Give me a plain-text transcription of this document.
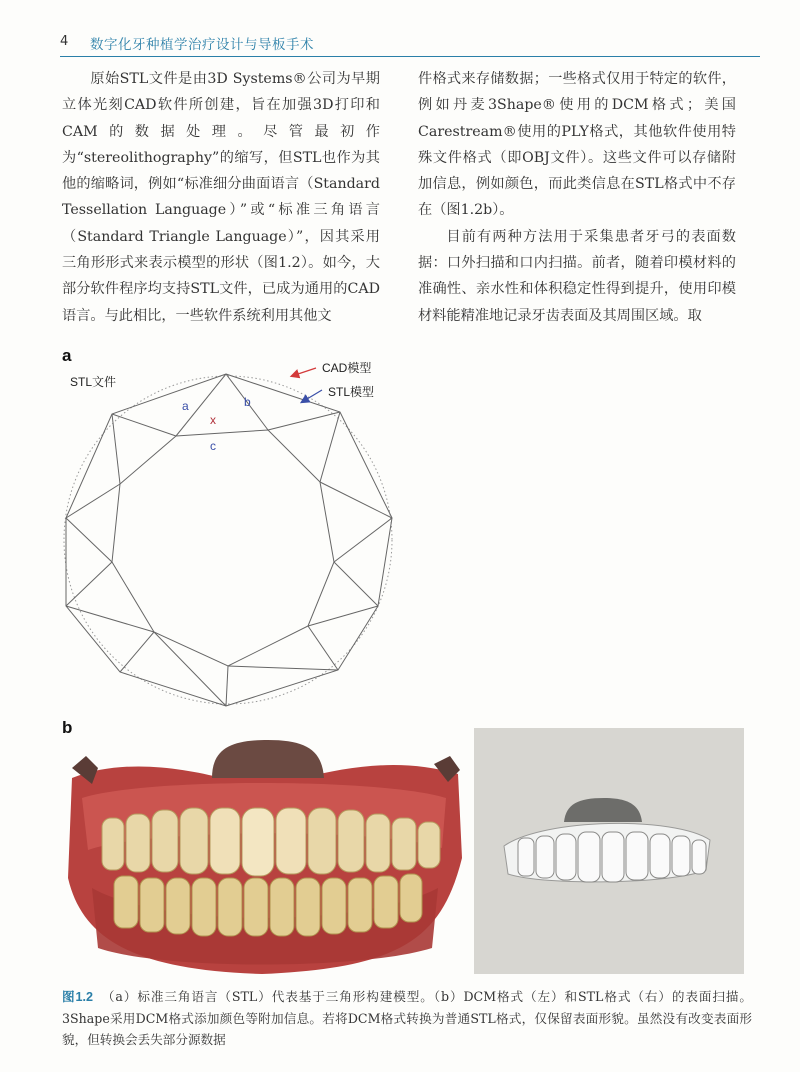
4 数字化牙种植学治疗设计与导板手术

原始STL文件是由3D Systems®公司为早期立体光刻CAD软件所创建，旨在加强3D打印和CAM的数据处理。尽管最初作为“stereolithography”的缩写，但STL也作为其他的缩略词，例如“标准细分曲面语言（Standard Tessellation Language）”或“标准三角语言（Standard Triangle Language）”，因其采用三角形形式来表示模型的形状（图1.2）。如今，大部分软件程序均支持STL文件，已成为通用的CAD语言。与此相比，一些软件系统利用其他文

件格式来存储数据；一些格式仅用于特定的软件，例如丹麦3Shape®使用的DCM格式；美国Carestream®使用的PLY格式，其他软件使用特殊文件格式（即OBJ文件）。这些文件可以存储附加信息，例如颜色，而此类信息在STL格式中不存在（图1.2b）。

目前有两种方法用于采集患者牙弓的表面数据：口外扫描和口内扫描。前者，随着印模材料的准确性、亲水性和体积稳定性得到提升，使用印模材料能精准地记录牙齿表面及其周围区域。取

a
CAD模型
STL模型
STL文件
a	b
x
c
b
图1.2 （a）标准三角语言（STL）代表基于三角形构建模型。（b）DCM格式（左）和STL格式（右）的表面扫描。3Shape采用DCM格式添加颜色等附加信息。若将DCM格式转换为普通STL格式，仅保留表面形貌。虽然没有改变表面形貌，但转换会丢失部分源数据
